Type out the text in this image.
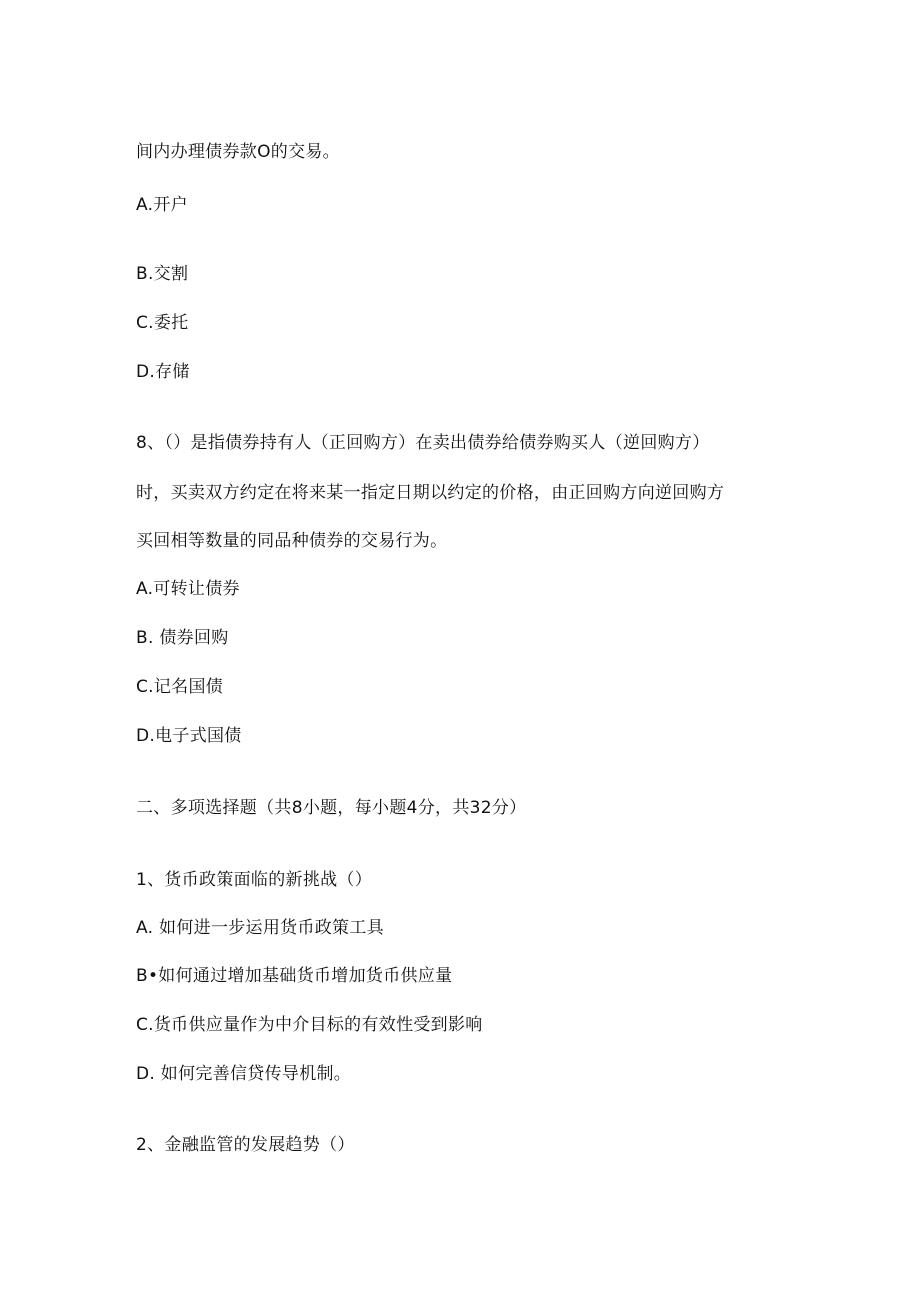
间内办理债券款O的交易。
A.开户
B.交割
C.委托
D.存储
8、（）是指债券持有人（正回购方）在卖出债券给债券购买人（逆回购方）
时，买卖双方约定在将来某一指定日期以约定的价格，由正回购方向逆回购方
买回相等数量的同品种债券的交易行为。
A.可转让债券
B. 债券回购
C.记名国债
D.电子式国债
二、多项选择题（共8小题，每小题4分，共32分）
1、货币政策面临的新挑战（）
A. 如何进一步运用货币政策工具
B•如何通过增加基础货币增加货币供应量
C.货币供应量作为中介目标的有效性受到影响
D. 如何完善信贷传导机制。
2、金融监管的发展趋势（）
